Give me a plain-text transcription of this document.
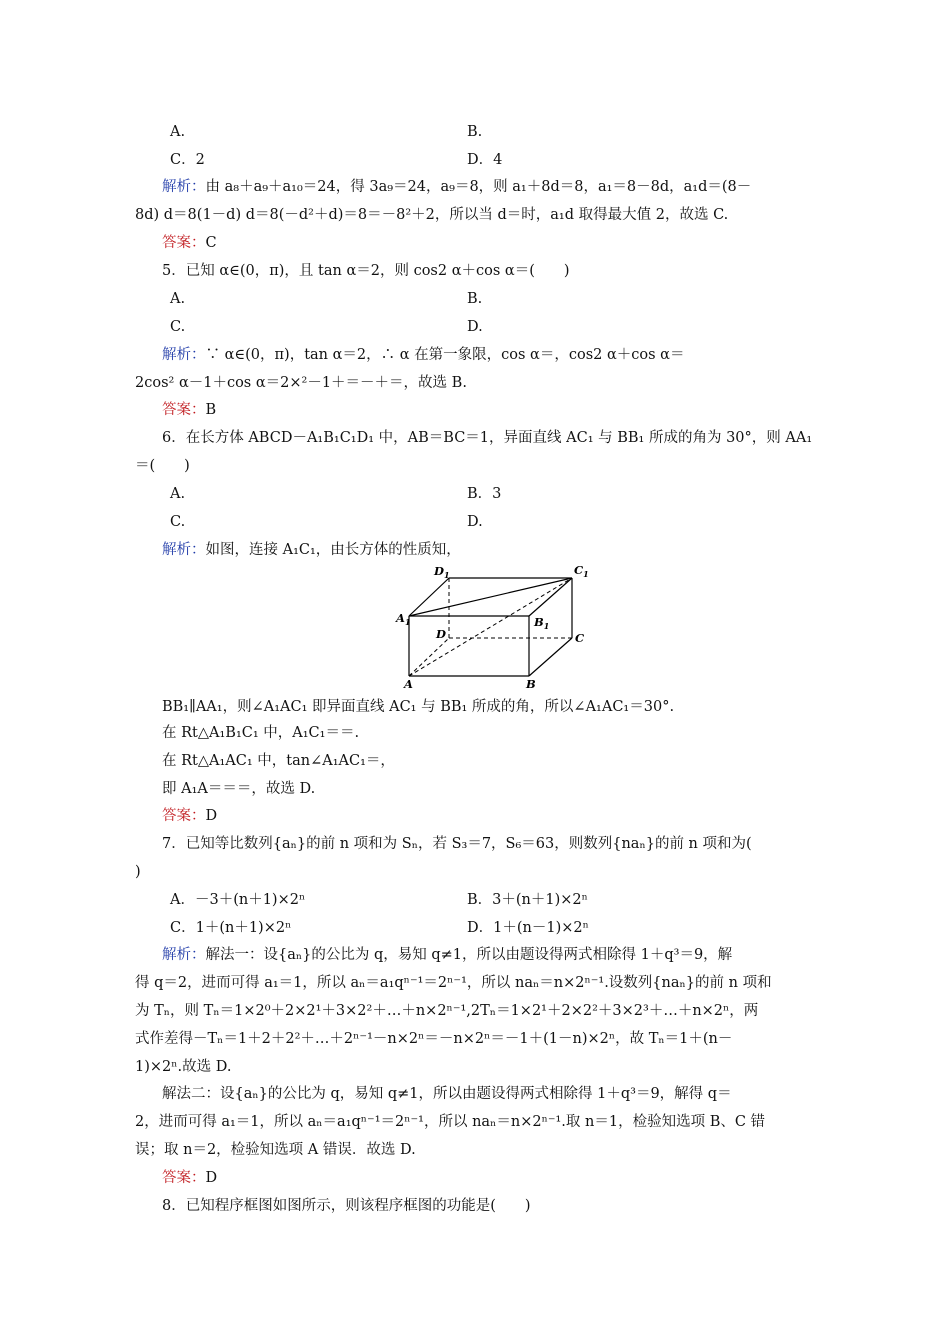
A.	B.
C．2	D．4
解析：由 a₈＋a₉＋a₁₀＝24，得 3a₉＝24，a₉＝8，则 a₁＋8d＝8，a₁＝8－8d，a₁d＝(8－
8d) d＝8(1－d) d＝8(－d²＋d)＝8＝－8²＋2，所以当 d＝时，a₁d 取得最大值 2，故选 C.
答案：C
5．已知 α∈(0，π)，且 tan α＝2，则 cos2 α＋cos α＝(　　)
A.	B.
C.	D.
解析：∵ α∈(0，π)，tan α＝2，∴ α 在第一象限，cos α＝，cos2 α＋cos α＝
2cos² α－1＋cos α＝2×²－1＋＝－＋＝，故选 B.
答案：B
6．在长方体 ABCD－A₁B₁C₁D₁ 中，AB＝BC＝1，异面直线 AC₁ 与 BB₁ 所成的角为 30°，则 AA₁
＝(　　)
A.	B．3
C.	D.
解析：如图，连接 A₁C₁，由长方体的性质知，
$D_1$	$C_1$
$A_1$	$B_1$
D	C
A	B
BB₁∥AA₁，则∠A₁AC₁ 即异面直线 AC₁ 与 BB₁ 所成的角，所以∠A₁AC₁＝30°.
在 Rt△A₁B₁C₁ 中，A₁C₁＝＝.
在 Rt△A₁AC₁ 中，tan∠A₁AC₁＝，
即 A₁A＝＝＝，故选 D.
答案：D
7．已知等比数列{aₙ}的前 n 项和为 Sₙ，若 S₃＝7，S₆＝63，则数列{naₙ}的前 n 项和为(
)
A．－3＋(n＋1)×2ⁿ	B．3＋(n＋1)×2ⁿ
C．1＋(n＋1)×2ⁿ	D．1＋(n－1)×2ⁿ
解析：解法一：设{aₙ}的公比为 q，易知 q≠1，所以由题设得两式相除得 1＋q³＝9，解
得 q＝2，进而可得 a₁＝1，所以 aₙ＝a₁qⁿ⁻¹＝2ⁿ⁻¹，所以 naₙ＝n×2ⁿ⁻¹.设数列{naₙ}的前 n 项和
为 Tₙ，则 Tₙ＝1×2⁰＋2×2¹＋3×2²＋…＋n×2ⁿ⁻¹,2Tₙ＝1×2¹＋2×2²＋3×2³＋…＋n×2ⁿ，两
式作差得－Tₙ＝1＋2＋2²＋…＋2ⁿ⁻¹－n×2ⁿ＝－n×2ⁿ＝－1＋(1－n)×2ⁿ，故 Tₙ＝1＋(n－
1)×2ⁿ.故选 D.
解法二：设{aₙ}的公比为 q，易知 q≠1，所以由题设得两式相除得 1＋q³＝9，解得 q＝
2，进而可得 a₁＝1，所以 aₙ＝a₁qⁿ⁻¹＝2ⁿ⁻¹，所以 naₙ＝n×2ⁿ⁻¹.取 n＝1，检验知选项 B、C 错
误；取 n＝2，检验知选项 A 错误．故选 D.
答案：D
8．已知程序框图如图所示，则该程序框图的功能是(　　)
